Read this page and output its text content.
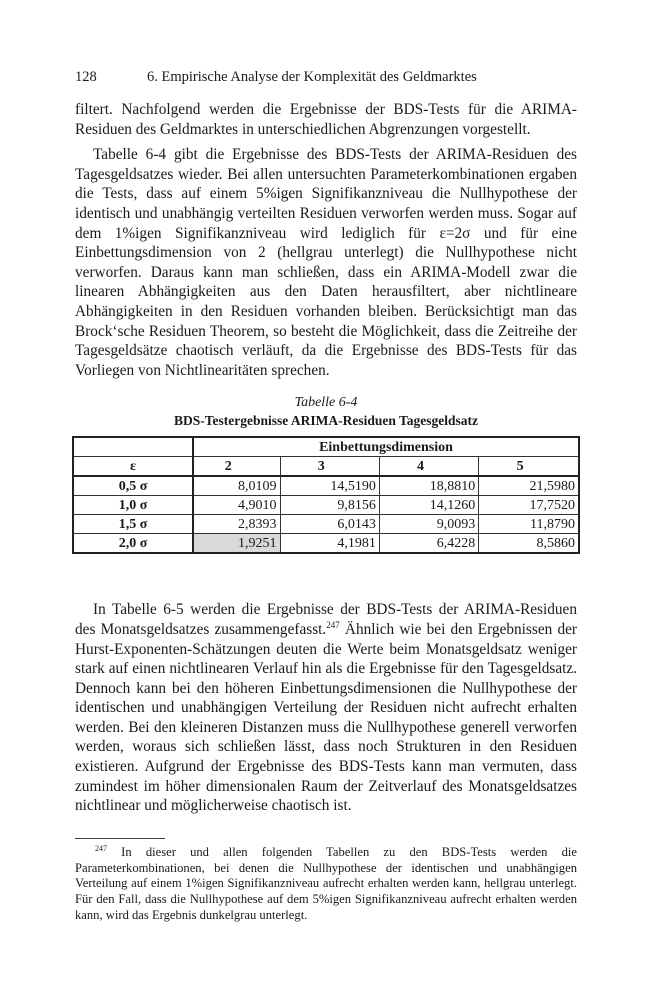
128	6. Empirische Analyse der Komplexität des Geldmarktes

filtert. Nachfolgend werden die Ergebnisse der BDS-Tests für die ARIMA-Residuen des Geldmarktes in unterschiedlichen Abgrenzungen vorgestellt.

Tabelle 6-4 gibt die Ergebnisse des BDS-Tests der ARIMA-Residuen des Tagesgeldsatzes wieder. Bei allen untersuchten Parameterkombinationen ergaben die Tests, dass auf einem 5%igen Signifikanzniveau die Nullhypothese der identisch und unabhängig verteilten Residuen verworfen werden muss. Sogar auf dem 1%igen Signifikanzniveau wird lediglich für ε=2σ und für eine Einbettungsdimension von 2 (hellgrau unterlegt) die Nullhypothese nicht verworfen. Daraus kann man schließen, dass ein ARIMA-Modell zwar die linearen Abhängigkeiten aus den Daten herausfiltert, aber nichtlineare Abhängigkeiten in den Residuen vorhanden bleiben. Berücksichtigt man das Brock‘sche Residuen Theorem, so besteht die Möglichkeit, dass die Zeitreihe der Tagesgeldsätze chaotisch verläuft, da die Ergebnisse des BDS-Tests für das Vorliegen von Nichtlinearitäten sprechen.

Tabelle 6-4
BDS-Testergebnisse ARIMA-Residuen Tagesgeldsatz
	Einbettungsdimension			
ε	2	3	4	5
0,5 σ	8,0109	14,5190	18,8810	21,5980
1,0 σ	4,9010	9,8156	14,1260	17,7520
1,5 σ	2,8393	6,0143	9,0093	11,8790
2,0 σ	1,9251	4,1981	6,4228	8,5860

In Tabelle 6-5 werden die Ergebnisse der BDS-Tests der ARIMA-Residuen des Monatsgeldsatzes zusammengefasst.$^{247}$ Ähnlich wie bei den Ergebnissen der Hurst-Exponenten-Schätzungen deuten die Werte beim Monatsgeldsatz weniger stark auf einen nichtlinearen Verlauf hin als die Ergebnisse für den Tagesgeldsatz. Dennoch kann bei den höheren Einbettungsdimensionen die Nullhypothese der identischen und unabhängigen Verteilung der Residuen nicht aufrecht erhalten werden. Bei den kleineren Distanzen muss die Nullhypothese generell verworfen werden, woraus sich schließen lässt, dass noch Strukturen in den Residuen existieren. Aufgrund der Ergebnisse des BDS-Tests kann man vermuten, dass zumindest im höher dimensionalen Raum der Zeitverlauf des Monatsgeldsatzes nichtlinear und möglicherweise chaotisch ist.

$^{247}$ In dieser und allen folgenden Tabellen zu den BDS-Tests werden die Parameterkombinationen, bei denen die Nullhypothese der identischen und unabhängigen Verteilung auf einem 1%igen Signifikanzniveau aufrecht erhalten werden kann, hellgrau unterlegt. Für den Fall, dass die Nullhypothese auf dem 5%igen Signifikanzniveau aufrecht erhalten werden kann, wird das Ergebnis dunkelgrau unterlegt.
